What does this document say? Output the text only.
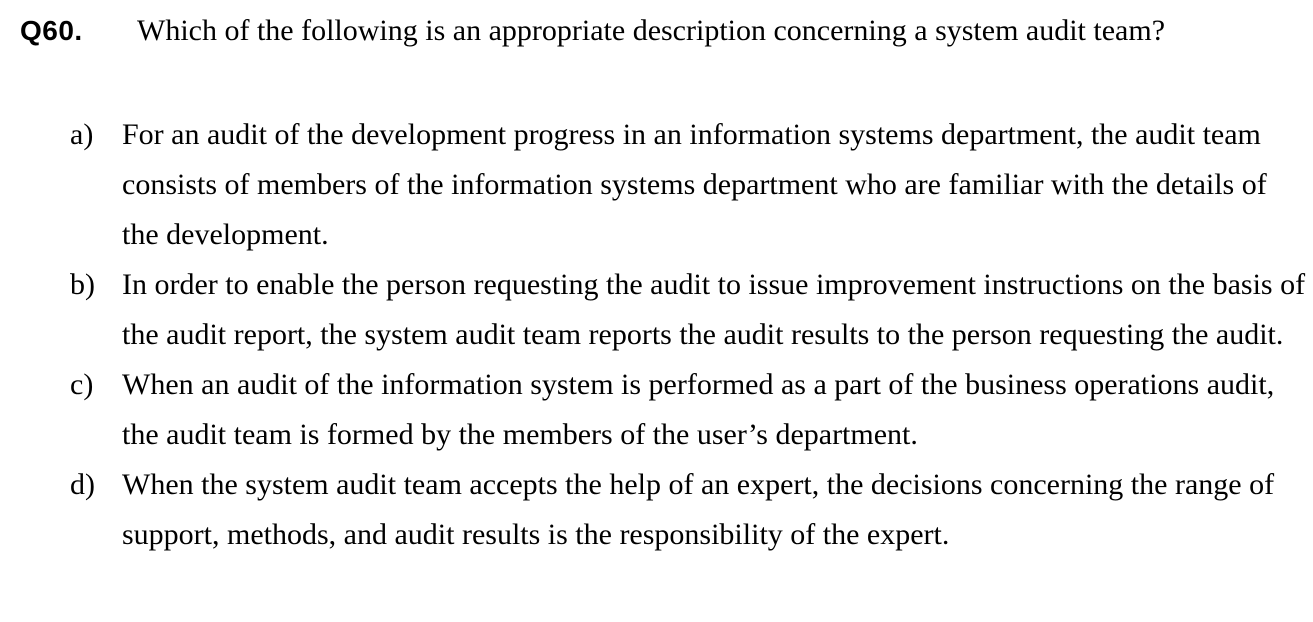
Q60.	Which of the following is an appropriate description concerning a system audit team?
a) For an audit of the development progress in an information systems department, the audit team consists of members of the information systems department who are familiar with the details of the development.
b) In order to enable the person requesting the audit to issue improvement instructions on the basis of the audit report, the system audit team reports the audit results to the person requesting the audit.
c) When an audit of the information system is performed as a part of the business operations audit, the audit team is formed by the members of the user’s department.
d) When the system audit team accepts the help of an expert, the decisions concerning the range of support, methods, and audit results is the responsibility of the expert.
